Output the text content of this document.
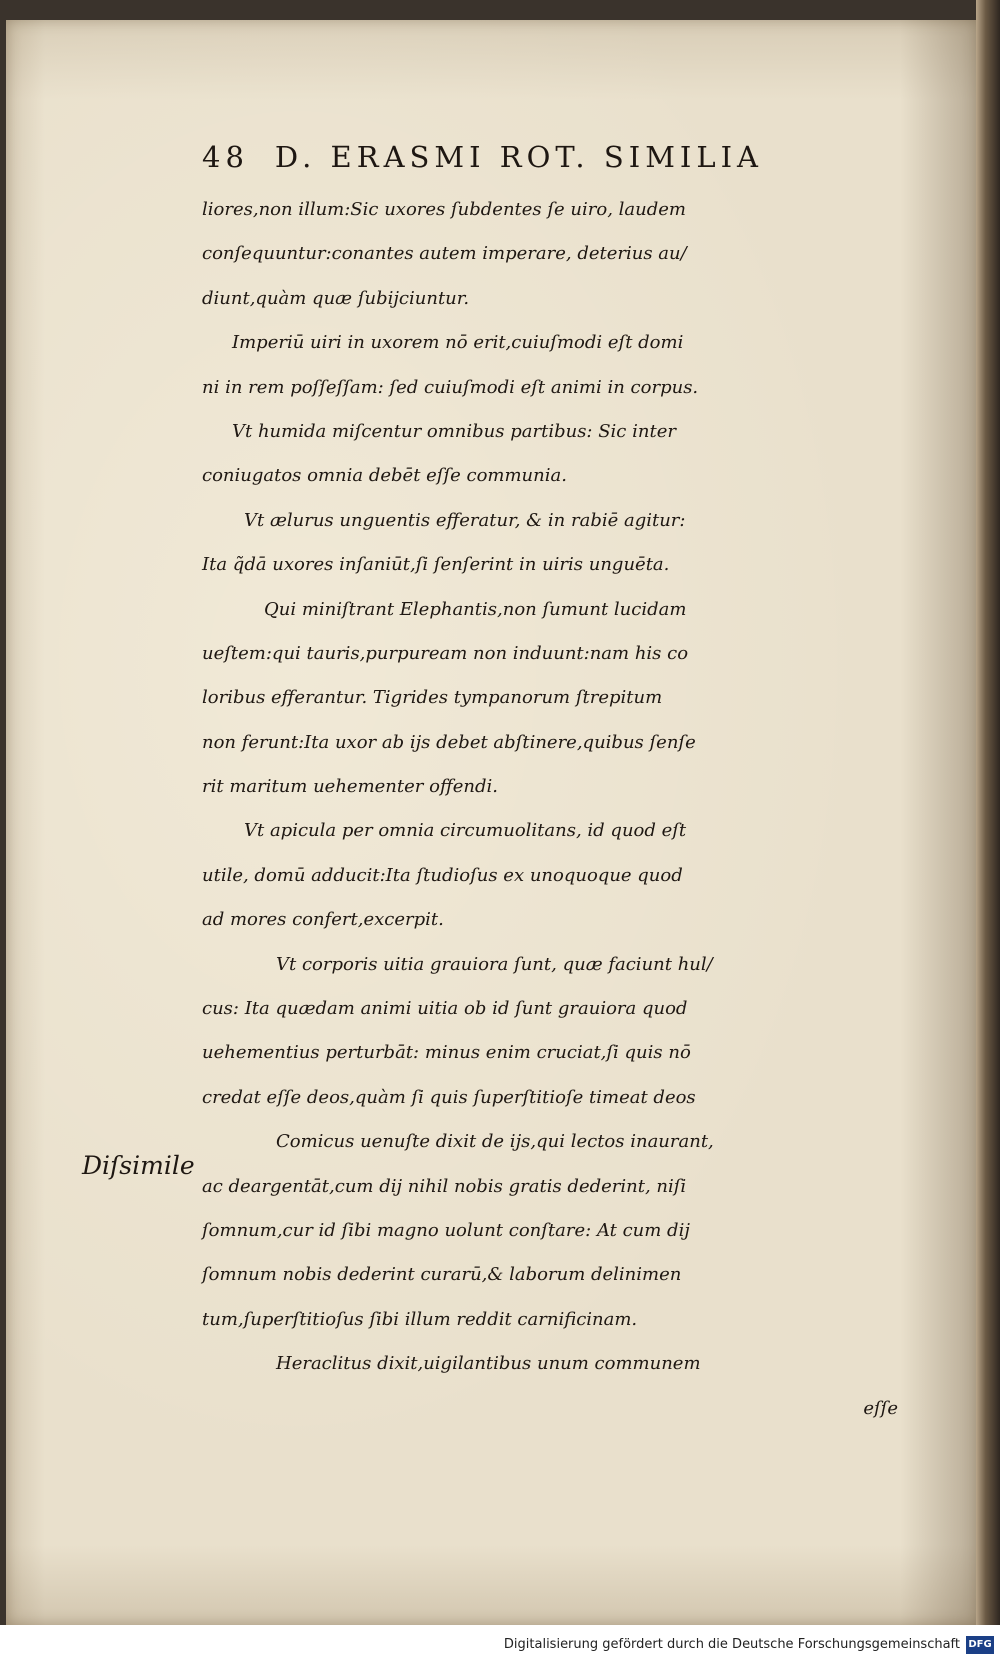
48 D. ERASMI ROT. SIMILIA
Diſsimile
liores,non illum:Sic uxores ſubdentes ſe uiro, laudem
conſequuntur:conantes autem imperare, deterius au/
diunt,quàm quæ ſubijciuntur.
Imperiū uiri in uxorem nō erit,cuiuſmodi eſt domi
ni in rem poſſeſſam: ſed cuiuſmodi eſt animi in corpus.
Vt humida miſcentur omnibus partibus: Sic inter
coniugatos omnia debēt eſſe communia.
Vt ælurus unguentis efferatur, & in rabiē agitur:
Ita q̃dā uxores inſaniūt,ſi ſenſerint in uiris unguēta.
Qui miniſtrant Elephantis,non ſumunt lucidam
ueſtem:qui tauris,purpuream non induunt:nam his co
loribus efferantur. Tigrides tympanorum ſtrepitum
non ferunt:Ita uxor ab ijs debet abſtinere,quibus ſenſe
rit maritum uehementer offendi.
Vt apicula per omnia circumuolitans, id quod eſt
utile, domū adducit:Ita ſtudioſus ex unoquoque quod
ad mores confert,excerpit.
Vt corporis uitia grauiora ſunt, quæ faciunt hul/
cus: Ita quædam animi uitia ob id ſunt grauiora quod
uehementius perturbāt: minus enim cruciat,ſi quis nō
credat eſſe deos,quàm ſi quis ſuperſtitioſe timeat deos
Comicus uenuſte dixit de ijs,qui lectos inaurant,
ac deargentāt,cum dij nihil nobis gratis dederint, niſi
ſomnum,cur id ſibi magno uolunt conſtare: At cum dij
ſomnum nobis dederint curarū,& laborum delinimen
tum,ſuperſtitioſus ſibi illum reddit carnificinam.
Heraclitus dixit,uigilantibus unum communem
eſſe
Digitalisierung gefördert durch die Deutsche Forschungsgemeinschaft DFG
